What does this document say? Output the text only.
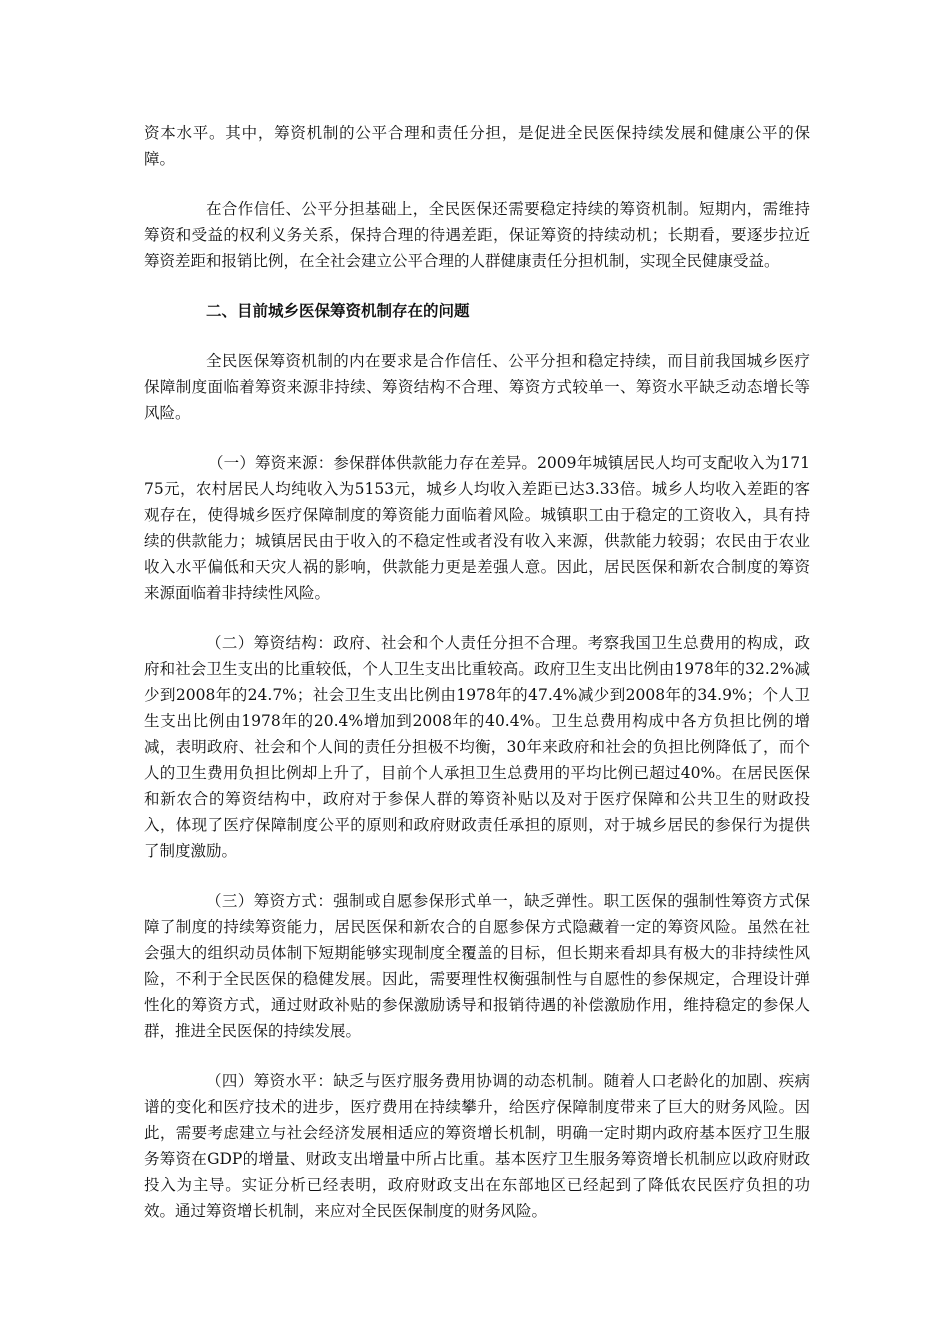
资本水平。其中，筹资机制的公平合理和责任分担，是促进全民医保持续发展和健康公平的保障。

在合作信任、公平分担基础上，全民医保还需要稳定持续的筹资机制。短期内，需维持筹资和受益的权利义务关系，保持合理的待遇差距，保证筹资的持续动机；长期看，要逐步拉近筹资差距和报销比例，在全社会建立公平合理的人群健康责任分担机制，实现全民健康受益。

二、目前城乡医保筹资机制存在的问题

全民医保筹资机制的内在要求是合作信任、公平分担和稳定持续，而目前我国城乡医疗保障制度面临着筹资来源非持续、筹资结构不合理、筹资方式较单一、筹资水平缺乏动态增长等风险。

（一）筹资来源：参保群体供款能力存在差异。2009年城镇居民人均可支配收入为17175元，农村居民人均纯收入为5153元，城乡人均收入差距已达3.33倍。城乡人均收入差距的客观存在，使得城乡医疗保障制度的筹资能力面临着风险。城镇职工由于稳定的工资收入，具有持续的供款能力；城镇居民由于收入的不稳定性或者没有收入来源，供款能力较弱；农民由于农业收入水平偏低和天灾人祸的影响，供款能力更是差强人意。因此，居民医保和新农合制度的筹资来源面临着非持续性风险。

（二）筹资结构：政府、社会和个人责任分担不合理。考察我国卫生总费用的构成，政府和社会卫生支出的比重较低，个人卫生支出比重较高。政府卫生支出比例由1978年的32.2%减少到2008年的24.7%；社会卫生支出比例由1978年的47.4%减少到2008年的34.9%；个人卫生支出比例由1978年的20.4%增加到2008年的40.4%。卫生总费用构成中各方负担比例的增减，表明政府、社会和个人间的责任分担极不均衡，30年来政府和社会的负担比例降低了，而个人的卫生费用负担比例却上升了，目前个人承担卫生总费用的平均比例已超过40%。在居民医保和新农合的筹资结构中，政府对于参保人群的筹资补贴以及对于医疗保障和公共卫生的财政投入，体现了医疗保障制度公平的原则和政府财政责任承担的原则，对于城乡居民的参保行为提供了制度激励。

（三）筹资方式：强制或自愿参保形式单一，缺乏弹性。职工医保的强制性筹资方式保障了制度的持续筹资能力，居民医保和新农合的自愿参保方式隐藏着一定的筹资风险。虽然在社会强大的组织动员体制下短期能够实现制度全覆盖的目标，但长期来看却具有极大的非持续性风险，不利于全民医保的稳健发展。因此，需要理性权衡强制性与自愿性的参保规定，合理设计弹性化的筹资方式，通过财政补贴的参保激励诱导和报销待遇的补偿激励作用，维持稳定的参保人群，推进全民医保的持续发展。

（四）筹资水平：缺乏与医疗服务费用协调的动态机制。随着人口老龄化的加剧、疾病谱的变化和医疗技术的进步，医疗费用在持续攀升，给医疗保障制度带来了巨大的财务风险。因此，需要考虑建立与社会经济发展相适应的筹资增长机制，明确一定时期内政府基本医疗卫生服务筹资在GDP的增量、财政支出增量中所占比重。基本医疗卫生服务筹资增长机制应以政府财政投入为主导。实证分析已经表明，政府财政支出在东部地区已经起到了降低农民医疗负担的功效。通过筹资增长机制，来应对全民医保制度的财务风险。
